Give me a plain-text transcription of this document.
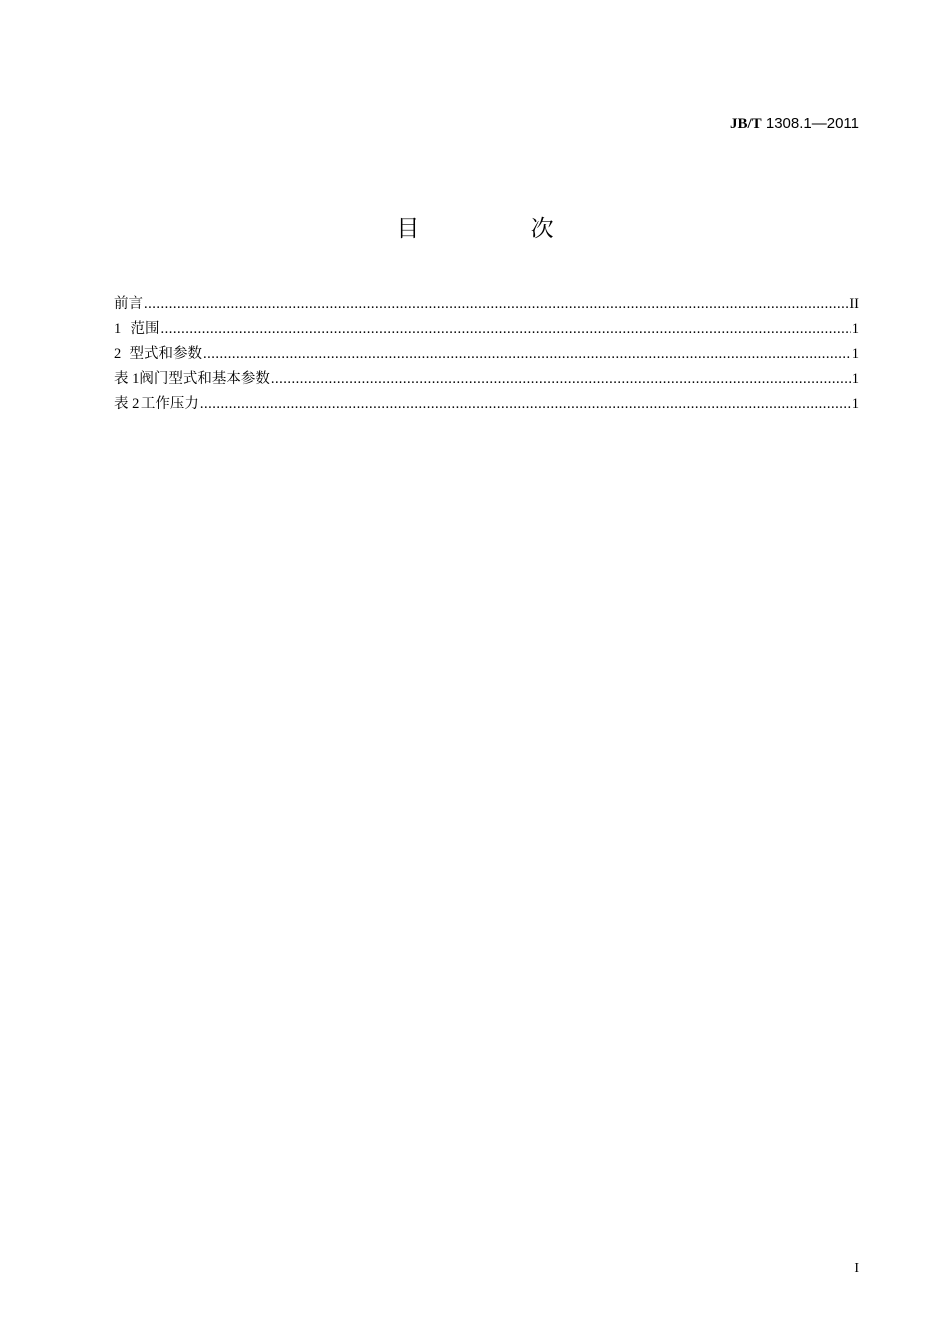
JB/T 1308.1—2011
目 次
前言 .....	II
1 范围 .....	1
2 型式和参数 .....	1
表 1 阀门型式和基本参数 .....	1
表 2 工作压力 .....	1
I
